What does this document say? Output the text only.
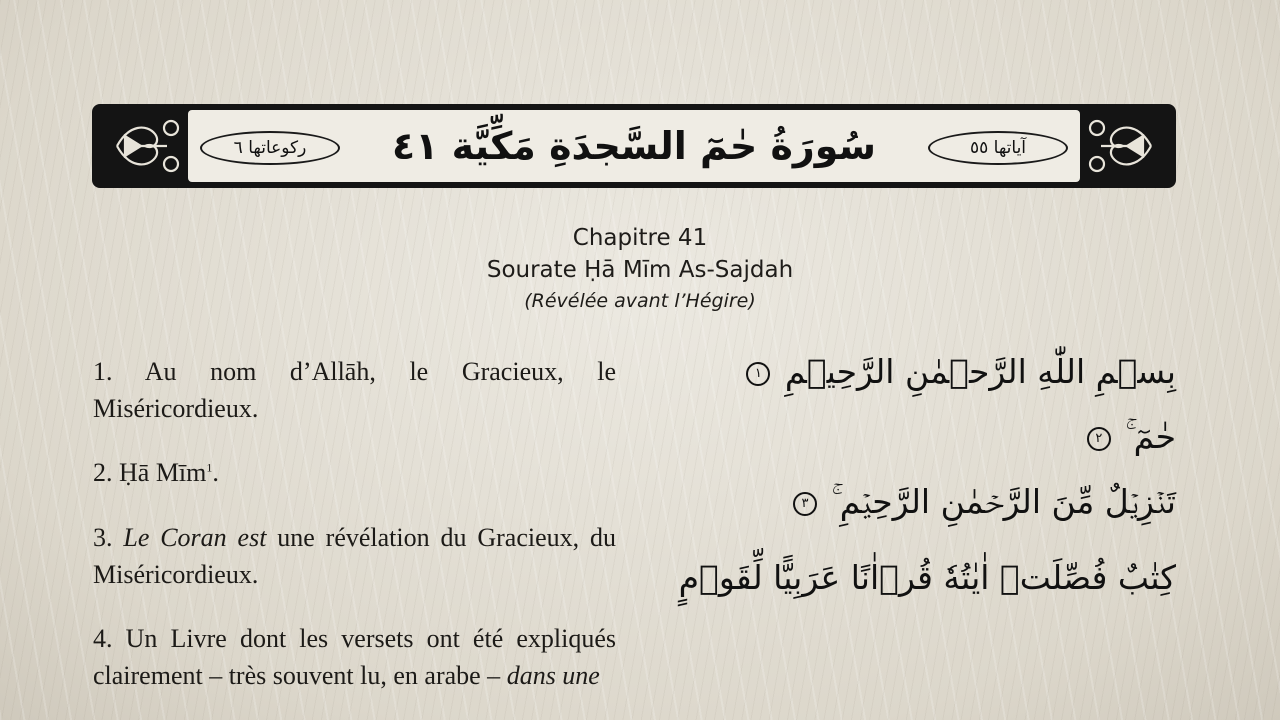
ركوعاتها ٦	سُورَةُ حٰمٓ السَّجدَةِ مَكِّيَّة ٤١	آياتها ٥٥
Chapitre 41
Sourate Ḥā Mīm As-Sajdah
(Révélée avant l’Hégire)

1. Au nom d’Allāh, le Gracieux, le Miséricordieux.

2. Ḥā Mīm$^1$.

3. Le Coran est une révélation du Gracieux, du Miséricordieux.

4. Un Livre dont les versets ont été expliqués clairement – très souvent lu, en arabe – dans une

بِسۡمِ اللّٰهِ الرَّحۡمٰنِ الرَّحِيۡمِ ١
حٰمٓ ۚ ٢
تَنۡزِيۡلٌ مِّنَ الرَّحۡمٰنِ الرَّحِيۡمِ ۚ ٣
كِتٰبٌ فُصِّلَتۡ اٰيٰتُهٗ قُرۡاٰنًا عَرَبِيًّا لِّقَوۡمٍ
